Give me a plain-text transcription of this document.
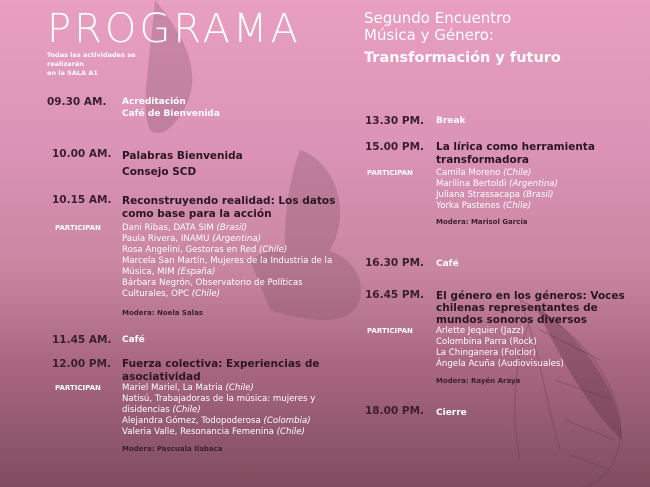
PROGRAMA
Todas las actividades se realizarán
en la SALA A1
Segundo Encuentro
Música y Género:
Transformación y futuro
09.30 AM. Acreditación
Café de Bienvenida
10.00 AM. Palabras Bienvenida
Consejo SCD
10.15 AM. Reconstruyendo realidad: Los datos
como base para la acción
PARTICIPAN Dani Ribas, DATA SIM (Brasil)
Paula Rivera, INAMU (Argentina)
Rosa Angelini, Gestoras en Red (Chile)
Marcela San Martín, Mujeres de la Industria de la
Música, MIM (España)
Bárbara Negrón, Observatorio de Políticas
Culturales, OPC (Chile)
Modera: Noela Salas
11.45 AM. Café
12.00 PM. Fuerza colectiva: Experiencias de
asociatividad
PARTICIPAN Mariel Mariel, La Matria (Chile)
Natisú, Trabajadoras de la música: mujeres y
disidencias (Chile)
Alejandra Gómez, Todopoderosa (Colombia)
Valeria Valle, Resonancia Femenina (Chile)
Modera: Pascuala Ilabaca
13.30 PM. Break
15.00 PM. La lírica como herramienta
transformadora
PARTICIPAN	Camila Moreno (Chile)
Marilina Bertoldi (Argentina)
Juliana Strassacapa (Brasil)
Yorka Pastenes (Chile)
Modera: Marisol García
16.30 PM. Café
16.45 PM. El género en los géneros: Voces
chilenas representantes de
mundos sonoros diversos
PARTICIPAN	Arlette Jequier (Jazz)
Colombina Parra (Rock)
La Chinganera (Folclor)
Ángela Acuña (Audiovisuales)
Modera: Rayén Araya
18.00 PM. Cierre
